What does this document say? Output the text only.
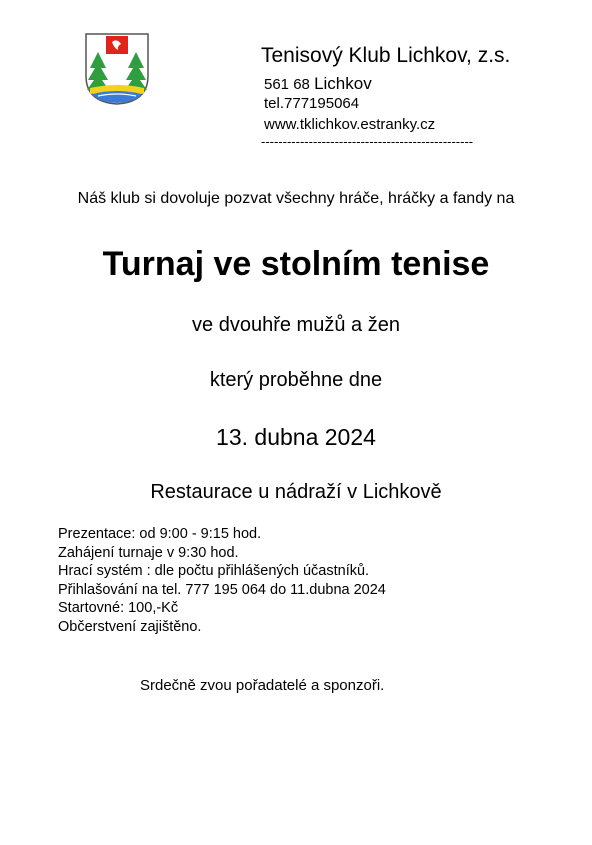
Tenisový Klub Lichkov, z.s.
561 68 Lichkov
tel.777195064
www.tklichkov.estranky.cz
-------------------------------------------------
Náš klub si dovoluje pozvat všechny hráče, hráčky a fandy na
Turnaj ve stolním tenise
ve dvouhře mužů a žen
který proběhne dne
13. dubna 2024
Restaurace u nádraží v Lichkově
Prezentace: od 9:00 - 9:15 hod.
Zahájení turnaje v 9:30 hod.
Hrací systém : dle počtu přihlášených účastníků.
Přihlašování na tel. 777 195 064 do 11.dubna 2024
Startovné: 100,-Kč
Občerstvení zajištěno.
Srdečně zvou pořadatelé a sponzoři.
